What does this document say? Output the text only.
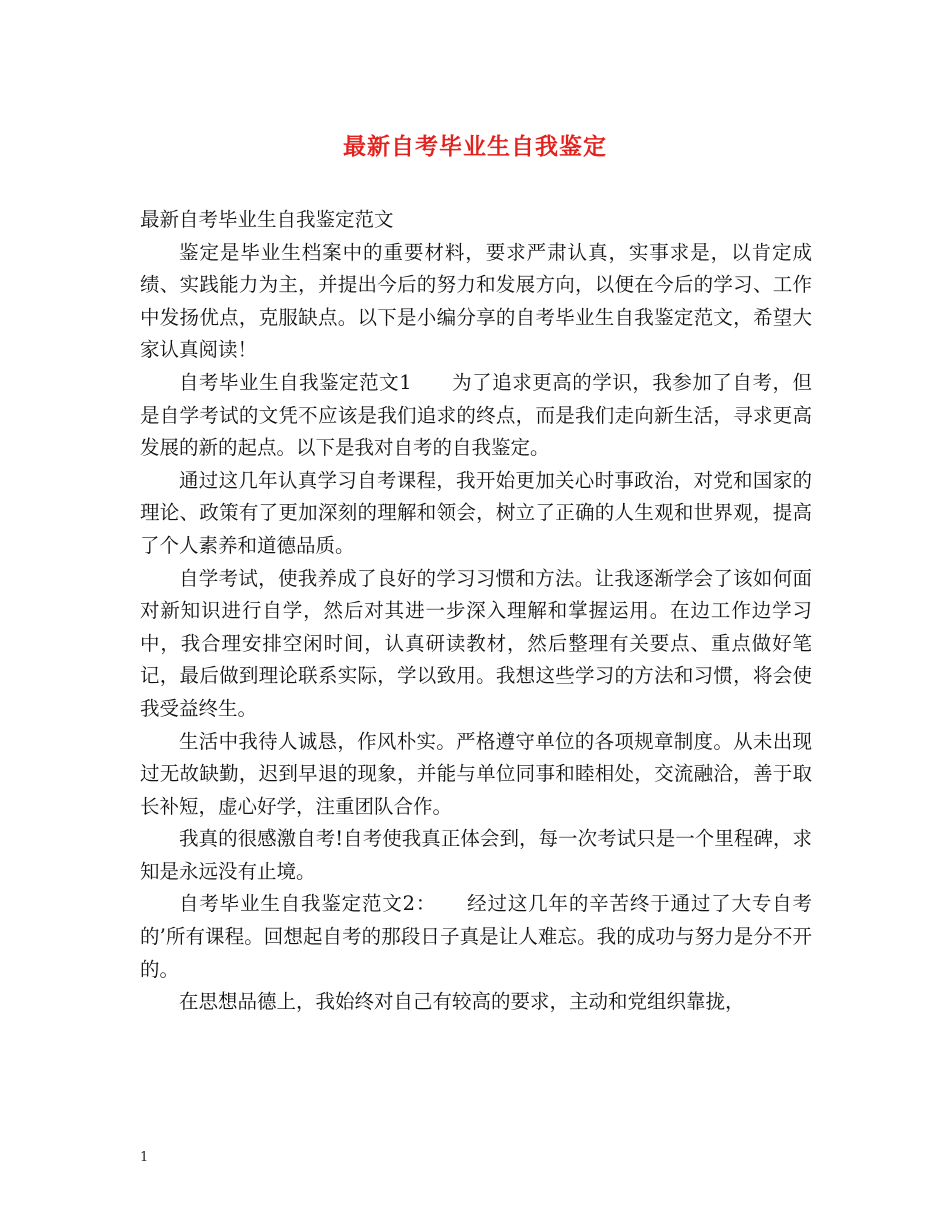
最新自考毕业生自我鉴定

最新自考毕业生自我鉴定范文

鉴定是毕业生档案中的重要材料，要求严肃认真，实事求是，以肯定成绩、实践能力为主，并提出今后的努力和发展方向，以便在今后的学习、工作中发扬优点，克服缺点。以下是小编分享的自考毕业生自我鉴定范文，希望大家认真阅读！

自考毕业生自我鉴定范文1　　为了追求更高的学识，我参加了自考，但是自学考试的文凭不应该是我们追求的终点，而是我们走向新生活，寻求更高发展的新的起点。以下是我对自考的自我鉴定。

通过这几年认真学习自考课程，我开始更加关心时事政治，对党和国家的理论、政策有了更加深刻的理解和领会，树立了正确的人生观和世界观，提高了个人素养和道德品质。

自学考试，使我养成了良好的学习习惯和方法。让我逐渐学会了该如何面对新知识进行自学，然后对其进一步深入理解和掌握运用。在边工作边学习中，我合理安排空闲时间，认真研读教材，然后整理有关要点、重点做好笔记，最后做到理论联系实际，学以致用。我想这些学习的方法和习惯，将会使我受益终生。

生活中我待人诚恳，作风朴实。严格遵守单位的各项规章制度。从未出现过无故缺勤，迟到早退的现象，并能与单位同事和睦相处，交流融洽，善于取长补短，虚心好学，注重团队合作。

我真的很感激自考!自考使我真正体会到，每一次考试只是一个里程碑，求知是永远没有止境。

自考毕业生自我鉴定范文2：　　经过这几年的辛苦终于通过了大专自考的’所有课程。回想起自考的那段日子真是让人难忘。我的成功与努力是分不开的。

在思想品德上，我始终对自己有较高的要求，主动和党组织靠拢，

1
